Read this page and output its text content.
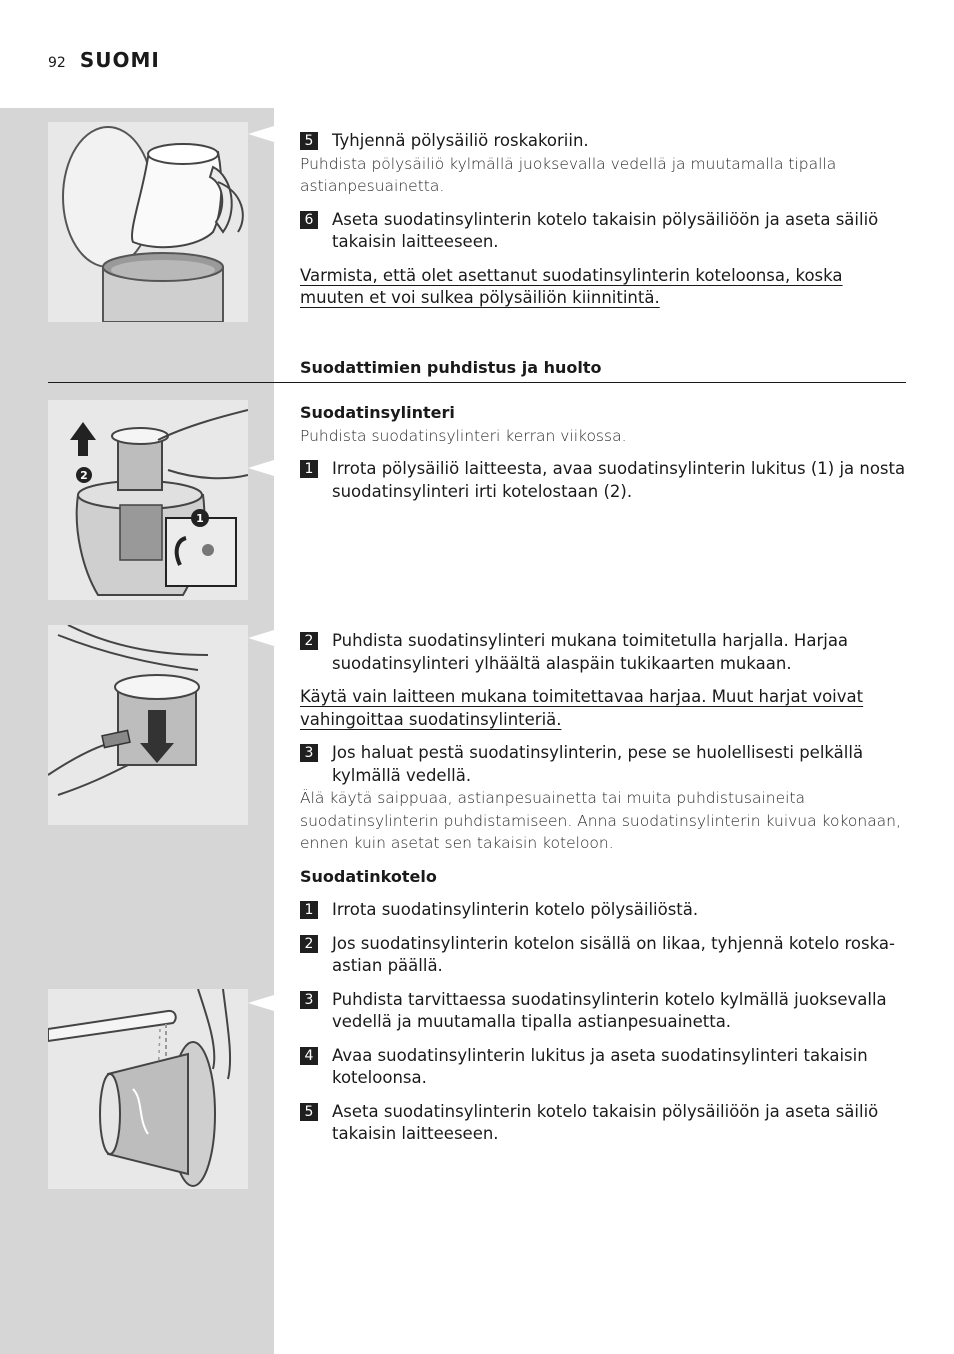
92 SUOMI
5 Tyhjennä pölysäiliö roskakoriin.
Puhdista pölysäiliö kylmällä juoksevalla vedellä ja muutamalla tipalla astianpesuainetta.
6 Aseta suodatinsylinterin kotelo takaisin pölysäiliöön ja aseta säiliö takaisin laitteeseen.
Varmista, että olet asettanut suodatinsylinterin koteloonsa, koska muuten et voi sulkea pölysäiliön kiinnitintä.
Suodattimien puhdistus ja huolto
2
1
Suodatinsylinteri
Puhdista suodatinsylinteri kerran viikossa.
1 Irrota pölysäiliö laitteesta, avaa suodatinsylinterin lukitus (1) ja nosta suodatinsylinteri irti kotelostaan (2).
2 Puhdista suodatinsylinteri mukana toimitetulla harjalla. Harjaa suodatinsylinteri ylhäältä alaspäin tukikaarten mukaan.
Käytä vain laitteen mukana toimitettavaa harjaa. Muut harjat voivat vahingoittaa suodatinsylinteriä.
3 Jos haluat pestä suodatinsylinterin, pese se huolellisesti pelkällä kylmällä vedellä.
Älä käytä saippuaa, astianpesuainetta tai muita puhdistusaineita suodatinsylinterin puhdistamiseen. Anna suodatinsylinterin kuivua kokonaan, ennen kuin asetat sen takaisin koteloon.
Suodatinkotelo
1 Irrota suodatinsylinterin kotelo pölysäiliöstä.
2 Jos suodatinsylinterin kotelon sisällä on likaa, tyhjennä kotelo roska-astian päällä.
3 Puhdista tarvittaessa suodatinsylinterin kotelo kylmällä juoksevalla vedellä ja muutamalla tipalla astianpesuainetta.
4 Avaa suodatinsylinterin lukitus ja aseta suodatinsylinteri takaisin koteloonsa.
5 Aseta suodatinsylinterin kotelo takaisin pölysäiliöön ja aseta säiliö takaisin laitteeseen.
